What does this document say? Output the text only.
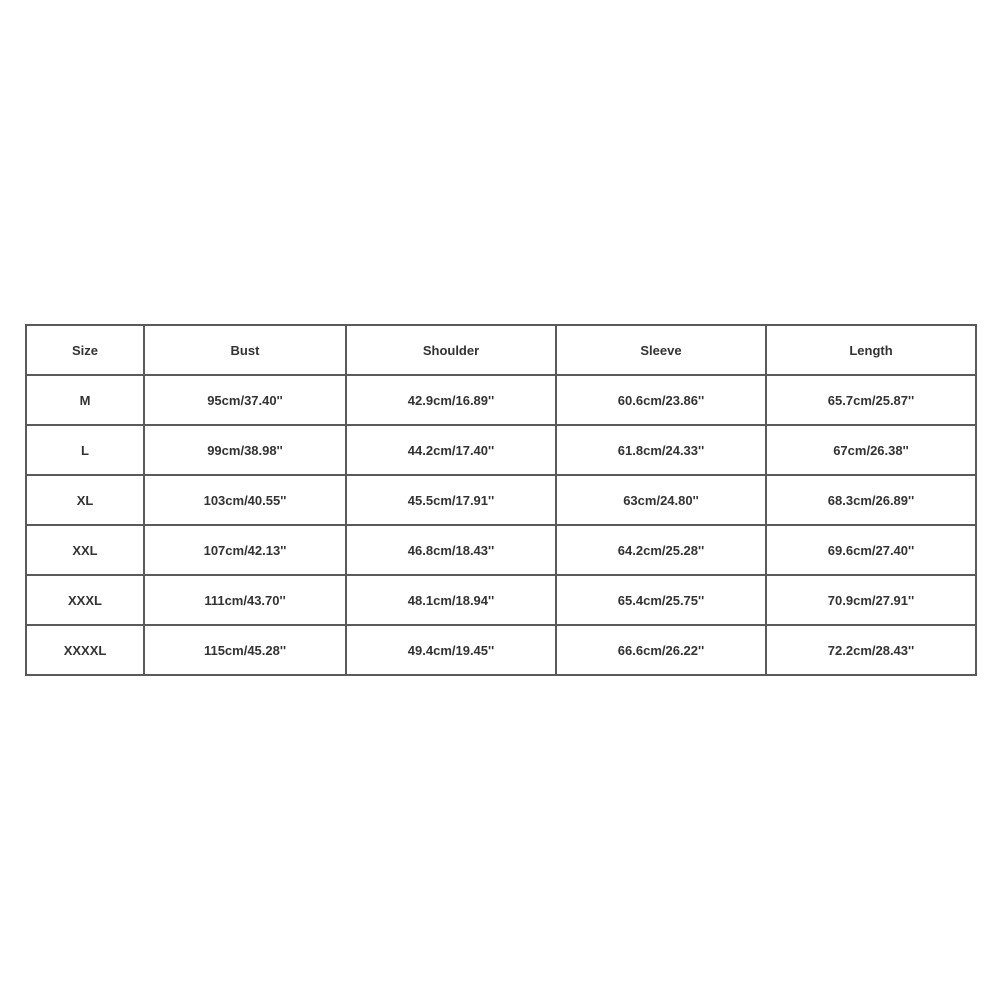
Size	Bust	Shoulder	Sleeve	Length
M	95cm/37.40''	42.9cm/16.89''	60.6cm/23.86''	65.7cm/25.87''
L	99cm/38.98''	44.2cm/17.40''	61.8cm/24.33''	67cm/26.38''
XL	103cm/40.55''	45.5cm/17.91''	63cm/24.80''	68.3cm/26.89''
XXL	107cm/42.13''	46.8cm/18.43''	64.2cm/25.28''	69.6cm/27.40''
XXXL	111cm/43.70''	48.1cm/18.94''	65.4cm/25.75''	70.9cm/27.91''
XXXXL	115cm/45.28''	49.4cm/19.45''	66.6cm/26.22''	72.2cm/28.43''
